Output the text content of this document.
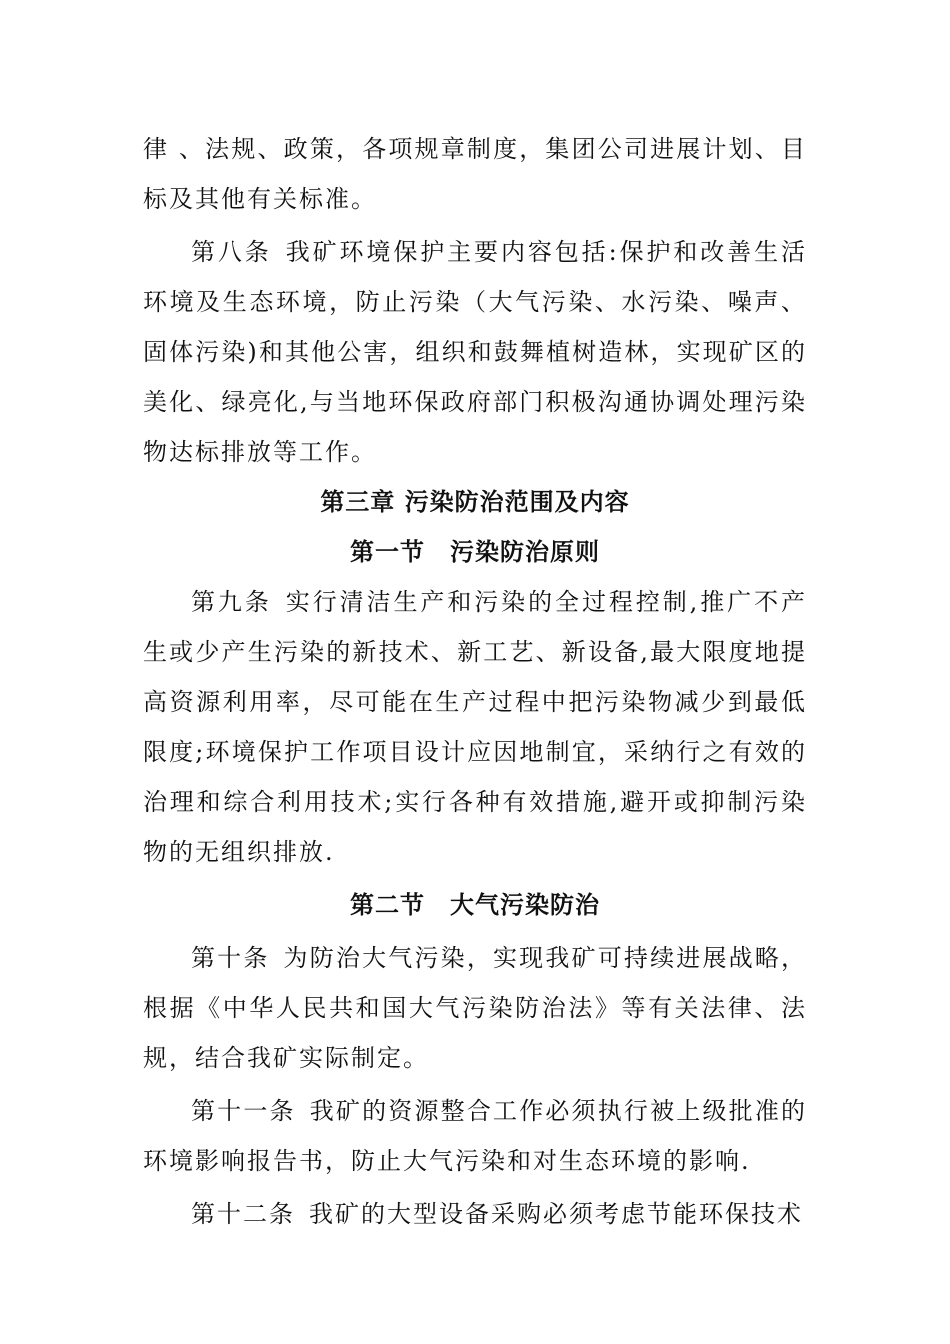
律 、法规、政策，各项规章制度，集团公司进展计划、目标及其他有关标准。

第八条 我矿环境保护主要内容包括:保护和改善生活环境及生态环境，防止污染（大气污染、水污染、噪声、固体污染)和其他公害，组织和鼓舞植树造林，实现矿区的美化、绿亮化,与当地环保政府部门积极沟通协调处理污染物达标排放等工作。

第三章 污染防治范围及内容
第一节　污染防治原则

第九条 实行清洁生产和污染的全过程控制,推广不产生或少产生污染的新技术、新工艺、新设备,最大限度地提高资源利用率，尽可能在生产过程中把污染物减少到最低限度;环境保护工作项目设计应因地制宜，采纳行之有效的治理和综合利用技术;实行各种有效措施,避开或抑制污染物的无组织排放.

第二节　大气污染防治

第十条 为防治大气污染，实现我矿可持续进展战略，根据《中华人民共和国大气污染防治法》等有关法律、法规，结合我矿实际制定。

第十一条 我矿的资源整合工作必须执行被上级批准的环境影响报告书，防止大气污染和对生态环境的影响.

第十二条 我矿的大型设备采购必须考虑节能环保技术
